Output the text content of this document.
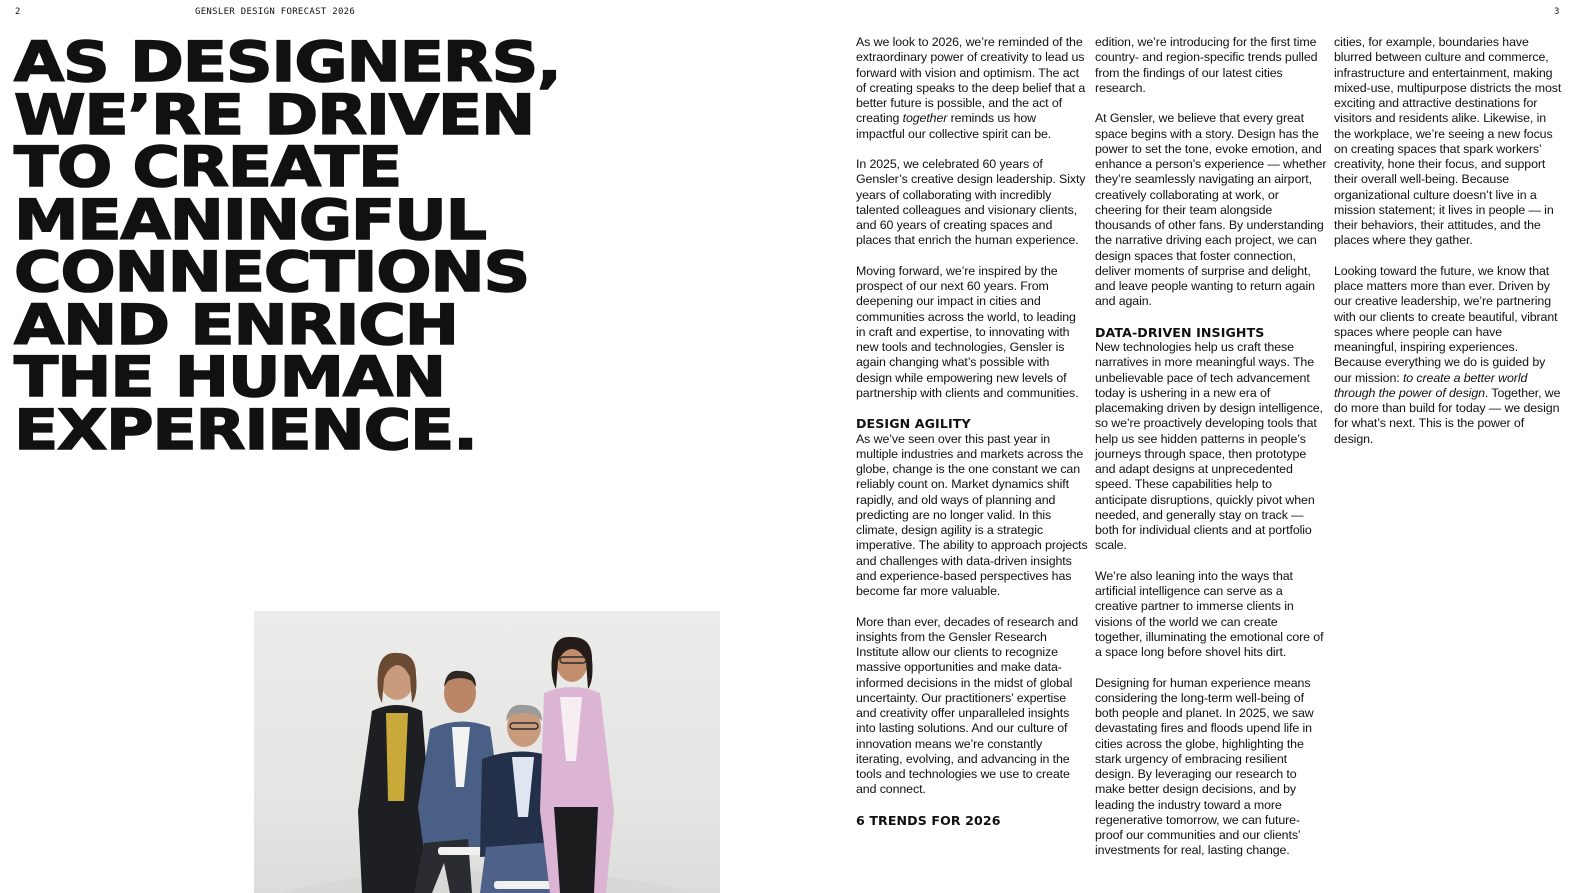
2	GENSLER DESIGN FORECAST 2026	3
AS DESIGNERS,
WE’RE DRIVEN
TO CREATE
MEANINGFUL
CONNECTIONS
AND ENRICH
THE HUMAN
EXPERIENCE.

As we look to 2026, we’re reminded of the extraordinary power of creativity to lead us forward with vision and optimism. The act of creating speaks to the deep belief that a better future is possible, and the act of creating together reminds us how impactful our collective spirit can be.

In 2025, we celebrated 60 years of Gensler’s creative design leadership. Sixty years of collaborating with incredibly talented colleagues and visionary clients, and 60 years of creating spaces and places that enrich the human experience.

Moving forward, we’re inspired by the prospect of our next 60 years. From deepening our impact in cities and communities across the world, to leading in craft and expertise, to innovating with new tools and technologies, Gensler is again changing what’s possible with design while empowering new levels of partnership with clients and communities.

DESIGN AGILITY

As we’ve seen over this past year in multiple industries and markets across the globe, change is the one constant we can reliably count on. Market dynamics shift rapidly, and old ways of planning and predicting are no longer valid. In this climate, design agility is a strategic imperative. The ability to approach projects and challenges with data-driven insights and experience-based perspectives has become far more valuable.

More than ever, decades of research and insights from the Gensler Research Institute allow our clients to recognize massive opportunities and make data-informed decisions in the midst of global uncertainty. Our practitioners’ expertise and creativity offer unparalleled insights into lasting solutions. And our culture of innovation means we’re constantly iterating, evolving, and advancing in the tools and technologies we use to create and connect.

6 TRENDS FOR 2026

edition, we’re introducing for the first time country- and region-specific trends pulled from the findings of our latest cities research.

At Gensler, we believe that every great space begins with a story. Design has the power to set the tone, evoke emotion, and enhance a person’s experience — whether they’re seamlessly navigating an airport, creatively collaborating at work, or cheering for their team alongside thousands of other fans. By understanding the narrative driving each project, we can design spaces that foster connection, deliver moments of surprise and delight, and leave people wanting to return again and again.

DATA-DRIVEN INSIGHTS

New technologies help us craft these narratives in more meaningful ways. The unbelievable pace of tech advancement today is ushering in a new era of placemaking driven by design intelligence, so we’re proactively developing tools that help us see hidden patterns in people’s journeys through space, then prototype and adapt designs at unprecedented speed. These capabilities help to anticipate disruptions, quickly pivot when needed, and generally stay on track — both for individual clients and at portfolio scale.

We’re also leaning into the ways that artificial intelligence can serve as a creative partner to immerse clients in visions of the world we can create together, illuminating the emotional core of a space long before shovel hits dirt.

Designing for human experience means considering the long-term well-being of both people and planet. In 2025, we saw devastating fires and floods upend life in cities across the globe, highlighting the stark urgency of embracing resilient design. By leveraging our research to make better design decisions, and by leading the industry toward a more regenerative tomorrow, we can future-proof our communities and our clients’ investments for real, lasting change.

cities, for example, boundaries have blurred between culture and commerce, infrastructure and entertainment, making mixed-use, multipurpose districts the most exciting and attractive destinations for visitors and residents alike. Likewise, in the workplace, we’re seeing a new focus on creating spaces that spark workers’ creativity, hone their focus, and support their overall well-being. Because organizational culture doesn’t live in a mission statement; it lives in people — in their behaviors, their attitudes, and the places where they gather.

Looking toward the future, we know that place matters more than ever. Driven by our creative leadership, we’re partnering with our clients to create beautiful, vibrant spaces where people can have meaningful, inspiring experiences. Because everything we do is guided by our mission: to create a better world through the power of design. Together, we do more than build for today — we design for what’s next. This is the power of design.
